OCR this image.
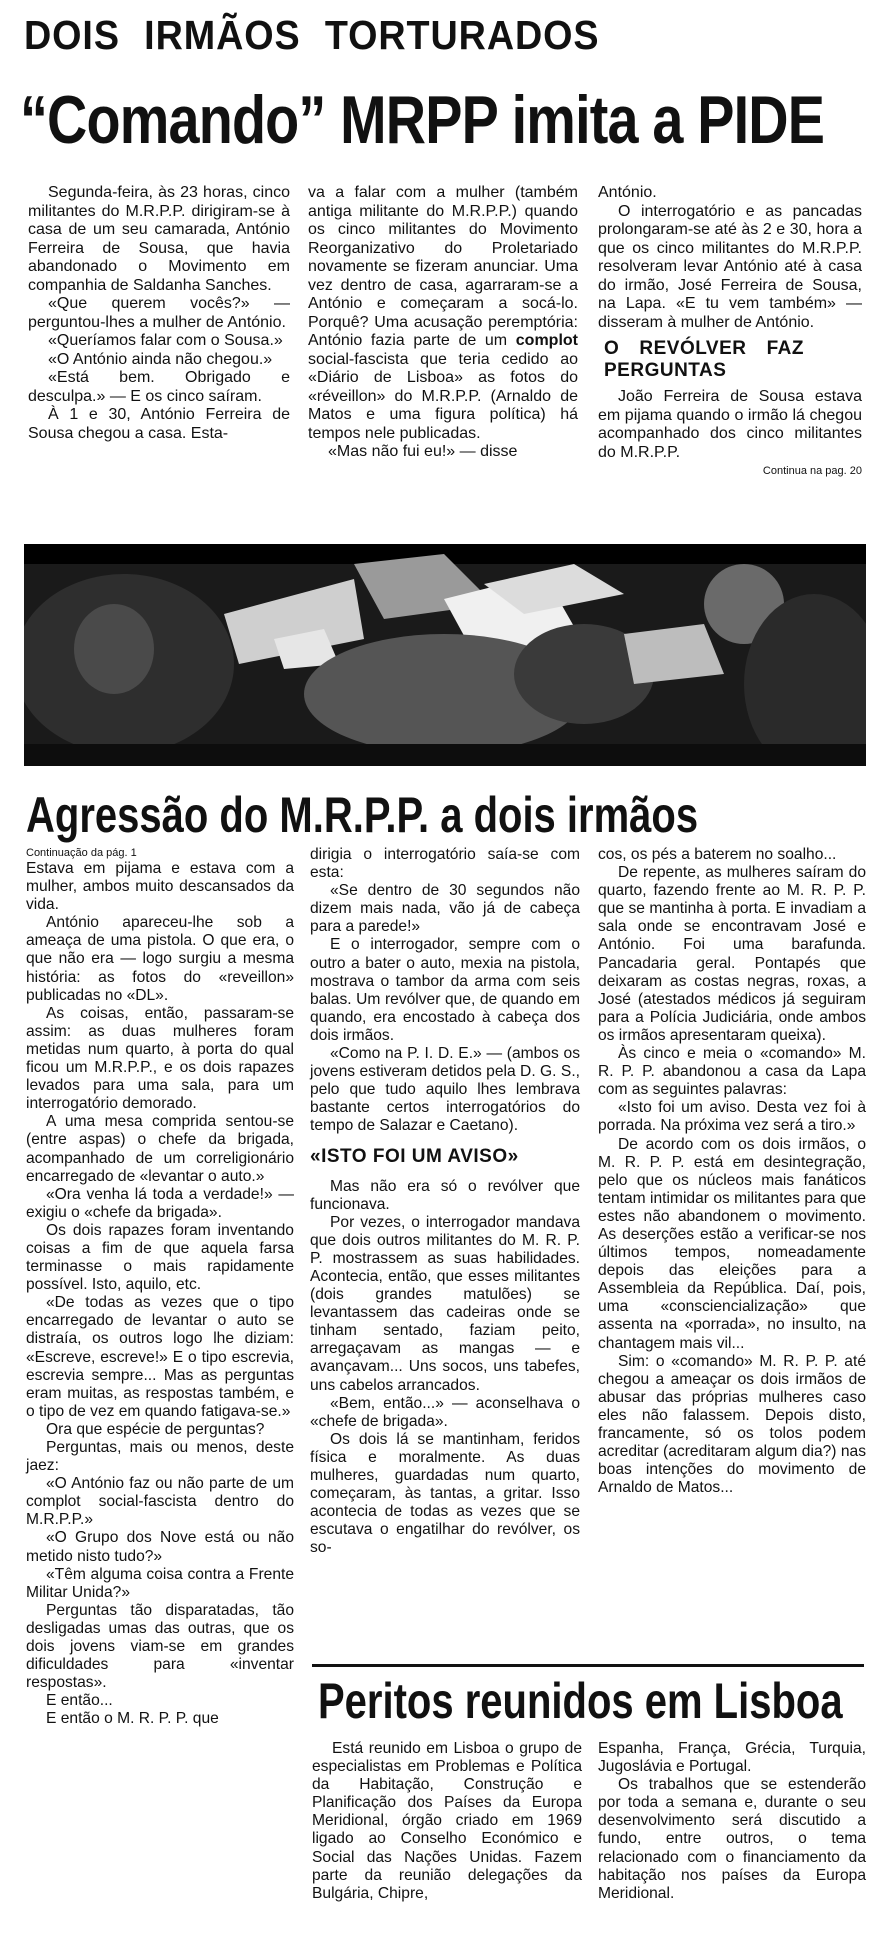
DOIS IRMÃOS TORTURADOS
“Comando” MRPP imita a PIDE

Segunda-feira, às 23 horas, cinco militantes do M.R.P.P. dirigiram-se à casa de um seu camarada, António Ferreira de Sousa, que havia abandonado o Movimento em companhia de Saldanha Sanches.

«Que querem vocês?» — perguntou-lhes a mulher de António.

«Queríamos falar com o Sousa.»

«O António ainda não chegou.»

«Está bem. Obrigado e desculpa.» — E os cinco saíram.

À 1 e 30, António Ferreira de Sousa chegou a casa. Esta-

va a falar com a mulher (também antiga militante do M.R.P.P.) quando os cinco militantes do Movimento Reorganizativo do Proletariado novamente se fizeram anunciar. Uma vez dentro de casa, agarraram-se a António e começaram a socá-lo. Porquê? Uma acusação peremptória: António fazia parte de um complot social-fascista que teria cedido ao «Diário de Lisboa» as fotos do «réveillon» do M.R.P.P. (Arnaldo de Matos e uma figura política) há tempos nele publicadas.

«Mas não fui eu!» — disse

António.

O interrogatório e as pancadas prolongaram-se até às 2 e 30, hora a que os cinco militantes do M.R.P.P. resolveram levar António até à casa do irmão, José Ferreira de Sousa, na Lapa. «E tu vem também» — disseram à mulher de António.

O REVÓLVER FAZ PERGUNTAS

João Ferreira de Sousa estava em pijama quando o irmão lá chegou acompanhado dos cinco militantes do M.R.P.P.

Continua na pag. 20
Agressão do M.R.P.P. a dois irmãos

Continuação da pág. 1

Estava em pijama e estava com a mulher, ambos muito descansados da vida.

António apareceu-lhe sob a ameaça de uma pistola. O que era, o que não era — logo surgiu a mesma história: as fotos do «reveillon» publicadas no «DL».

As coisas, então, passaram-se assim: as duas mulheres foram metidas num quarto, à porta do qual ficou um M.R.P.P., e os dois rapazes levados para uma sala, para um interrogatório demorado.

A uma mesa comprida sentou-se (entre aspas) o chefe da brigada, acompanhado de um correligionário encarregado de «levantar o auto.»

«Ora venha lá toda a verdade!» — exigiu o «chefe da brigada».

Os dois rapazes foram inventando coisas a fim de que aquela farsa terminasse o mais rapidamente possível. Isto, aquilo, etc.

«De todas as vezes que o tipo encarregado de levantar o auto se distraía, os outros logo lhe diziam: «Escreve, escreve!» E o tipo escrevia, escrevia sempre... Mas as perguntas eram muitas, as respostas também, e o tipo de vez em quando fatigava-se.»

Ora que espécie de perguntas?

Perguntas, mais ou menos, deste jaez:

«O António faz ou não parte de um complot social-fascista dentro do M.R.P.P.»

«O Grupo dos Nove está ou não metido nisto tudo?»

«Têm alguma coisa contra a Frente Militar Unida?»

Perguntas tão disparatadas, tão desligadas umas das outras, que os dois jovens viam-se em grandes dificuldades para «inventar respostas».

E então...

E então o M. R. P. P. que

dirigia o interrogatório saía-se com esta:

«Se dentro de 30 segundos não dizem mais nada, vão já de cabeça para a parede!»

E o interrogador, sempre com o outro a bater o auto, mexia na pistola, mostrava o tambor da arma com seis balas. Um revólver que, de quando em quando, era encostado à cabeça dos dois irmãos.

«Como na P. I. D. E.» — (ambos os jovens estiveram detidos pela D. G. S., pelo que tudo aquilo lhes lembrava bastante certos interrogatórios do tempo de Salazar e Caetano).

«ISTO FOI UM AVISO»

Mas não era só o revólver que funcionava.

Por vezes, o interrogador mandava que dois outros militantes do M. R. P. P. mostrassem as suas habilidades. Acontecia, então, que esses militantes (dois grandes matulões) se levantassem das cadeiras onde se tinham sentado, faziam peito, arregaçavam as mangas — e avançavam... Uns socos, uns tabefes, uns cabelos arrancados.

«Bem, então...» — aconselhava o «chefe de brigada».

Os dois lá se mantinham, feridos física e moralmente. As duas mulheres, guardadas num quarto, começaram, às tantas, a gritar. Isso acontecia de todas as vezes que se escutava o engatilhar do revólver, os so-

cos, os pés a baterem no soalho...

De repente, as mulheres saíram do quarto, fazendo frente ao M. R. P. P. que se mantinha à porta. E invadiam a sala onde se encontravam José e António. Foi uma barafunda. Pancadaria geral. Pontapés que deixaram as costas negras, roxas, a José (atestados médicos já seguiram para a Polícia Judiciária, onde ambos os irmãos apresentaram queixa).

Às cinco e meia o «comando» M. R. P. P. abandonou a casa da Lapa com as seguintes palavras:

«Isto foi um aviso. Desta vez foi à porrada. Na próxima vez será a tiro.»

De acordo com os dois irmãos, o M. R. P. P. está em desintegração, pelo que os núcleos mais fanáticos tentam intimidar os militantes para que estes não abandonem o movimento. As deserções estão a verificar-se nos últimos tempos, nomeadamente depois das eleições para a Assembleia da República. Daí, pois, uma «consciencialização» que assenta na «porrada», no insulto, na chantagem mais vil...

Sim: o «comando» M. R. P. P. até chegou a ameaçar os dois irmãos de abusar das próprias mulheres caso eles não falassem. Depois disto, francamente, só os tolos podem acreditar (acreditaram algum dia?) nas boas intenções do movimento de Arnaldo de Matos...

Peritos reunidos em Lisboa

Está reunido em Lisboa o grupo de especialistas em Problemas e Política da Habitação, Construção e Planificação dos Países da Europa Meridional, órgão criado em 1969 ligado ao Conselho Económico e Social das Nações Unidas. Fazem parte da reunião delegações da Bulgária, Chipre,

Espanha, França, Grécia, Turquia, Jugoslávia e Portugal.

Os trabalhos que se estenderão por toda a semana e, durante o seu desenvolvimento será discutido a fundo, entre outros, o tema relacionado com o financiamento da habitação nos países da Europa Meridional.
